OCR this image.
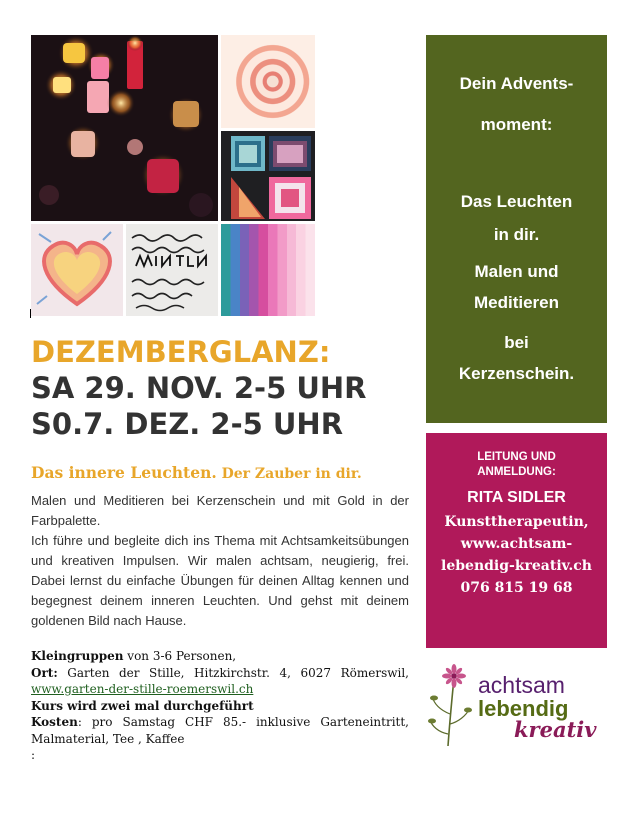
DEZEMBERGLANZ:
SA 29. NOV. 2-5 UHR
S0.7. DEZ. 2-5 UHR
Das innere Leuchten. Der Zauber in dir.

Malen und Meditieren bei Kerzenschein und mit Gold in der Farbpalette.

Ich führe und begleite dich ins Thema mit Achtsamkeitsübungen und kreativen Impulsen. Wir malen achtsam, neugierig, frei. Dabei lernst du einfache Übungen für deinen Alltag kennen und begegnest deinem inneren Leuchten. Und gehst mit deinem goldenen Bild nach Hause.

Kleingruppen von 3-6 Personen,
Ort: Garten der Stille, Hitzkirchstr. 4, 6027 Römerswil,
www.garten-der-stille-roemerswil.ch
Kurs wird zwei mal durchgeführt
Kosten: pro Samstag CHF 85.- inklusive Garteneintritt,
Malmaterial, Tee , Kaffee
:
Dein Advents-
moment:
Das Leuchten
in dir.
Malen und
Meditieren
bei
Kerzenschein.
LEITUNG UND
ANMELDUNG:
RITA SIDLER
Kunsttherapeutin,
www.achtsam-
lebendig-kreativ.ch
076 815 19 68
achtsam
lebendig
kreativ
